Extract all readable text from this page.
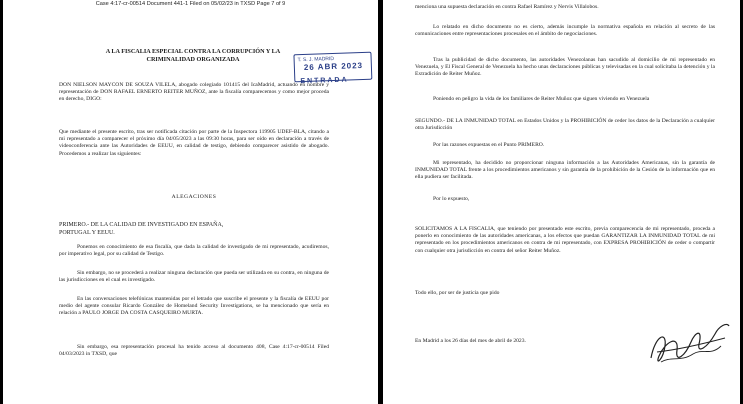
Case 4:17-cr-00514 Document 441-1 Filed on 05/02/23 in TXSD Page 7 of 9

A LA FISCALIA ESPECIAL CONTRA LA CORRUPCIÓN Y LA

CRIMINALIDAD ORGANIZADA	T. S. J. MADRID
26 ABR 2023
ENTRADA

DON NIELSON MAYCON DE SOUZA VILELA, abogado colegiado 101415 del IcaMadrid, actuando en nombre y representación de DON RAFAEL ERNERTO REITER MUÑOZ, ante la fiscalía comparecemos y como mejor proceda en derecho, DIGO:

Que mediante el presente escrito, tras ser notificada citación por parte de la Inspectora 119905 UDEF-BLA, citando a mi representado a comparecer el próximo día 04/05/2023 a las 09:30 horas, para ser oído en declaración a través de videoconferencia ante las Autoridades de EEUU, en calidad de testigo, debiendo comparecer asistido de abogado. Procedemos a realizar las siguientes:

ALEGACIONES

PRIMERO.- DE LA CALIDAD DE INVESTIGADO EN ESPAÑA,

PORTUGAL Y EEUU.

Ponemos en conocimiento de esa fiscalía, que dada la calidad de investigado de mi representado, acudiremos, por imperativo legal, por su calidad de Testigo.

Sin embargo, no se procederá a realizar ninguna declaración que pueda ser utilizada en su contra, en ninguna de las jurisdicciones en el cual es investigado.

En las conversaciones telefónicas mantenidas por el letrado que suscribe el presente y la fiscalía de EEUU por medio del agente consular Ricardo González de Homeland Security Investigations, se ha mencionado que sería en relación a PAULO JORGE DA COSTA CASQUEIRO MURTA.

Sin embargo, esa representación procesal ha tenido acceso al documento 408, Case 4:17-cr-00514 Filed 04/03/2023 in TXSD, que

menciona una supuesta declaración en contra Rafael Ramírez y Nervis Villalobos.

Lo relatado en dicho documento no es cierto, además incumple la normativa española en relación al secreto de las comunicaciones entre representaciones procesales en el ámbito de negociaciones.

Tras la publicidad de dicho documento, las autoridades Venezolanas han sacudido al domicilio de mi representado en Venezuela, y El Fiscal General de Venezuela ha hecho unas declaraciones públicas y televisadas en la cual solicitaba la detención y la Extradición de Reiter Muñoz.

Poniendo en peligro la vida de los familiares de Reiter Muñoz que siguen viviendo en Venezuela

SEGUNDO.- DE LA INMUNIDAD TOTAL en Estados Unidos y la PROHIBICIÓN de ceder los datos de la Declaración a cualquier otra Jurisdicción

Por las razones expuestas en el Punto PRIMERO.

Mi representado, ha decidido no proporcionar ninguna información a las Autoridades Americanas, sin la garantía de INMUNIDAD TOTAL frente a los procedimientos americanos y sin garantía de la prohibición de la Cesión de la información que en ella pudiera ser facilitada.

Por lo expuesto,

SOLICITAMOS A LA FISCALIA, que teniendo por presentado este escrito, previa comparecencia de mi representado, proceda a ponerlo en conocimiento de las autoridades americanas, a los efectos que puedan GARANTIZAR LA INMUNIDAD TOTAL de mi representado en los procedimientos americanos en contra de mi representado, con EXPRESA PROHIBICIÓN de ceder o compartir con cualquier otra jurisdicción en contra del señor Reiter Muñoz.

Todo ello, por ser de justicia que pido

En Madrid a los 26 días del mes de abril de 2023.
